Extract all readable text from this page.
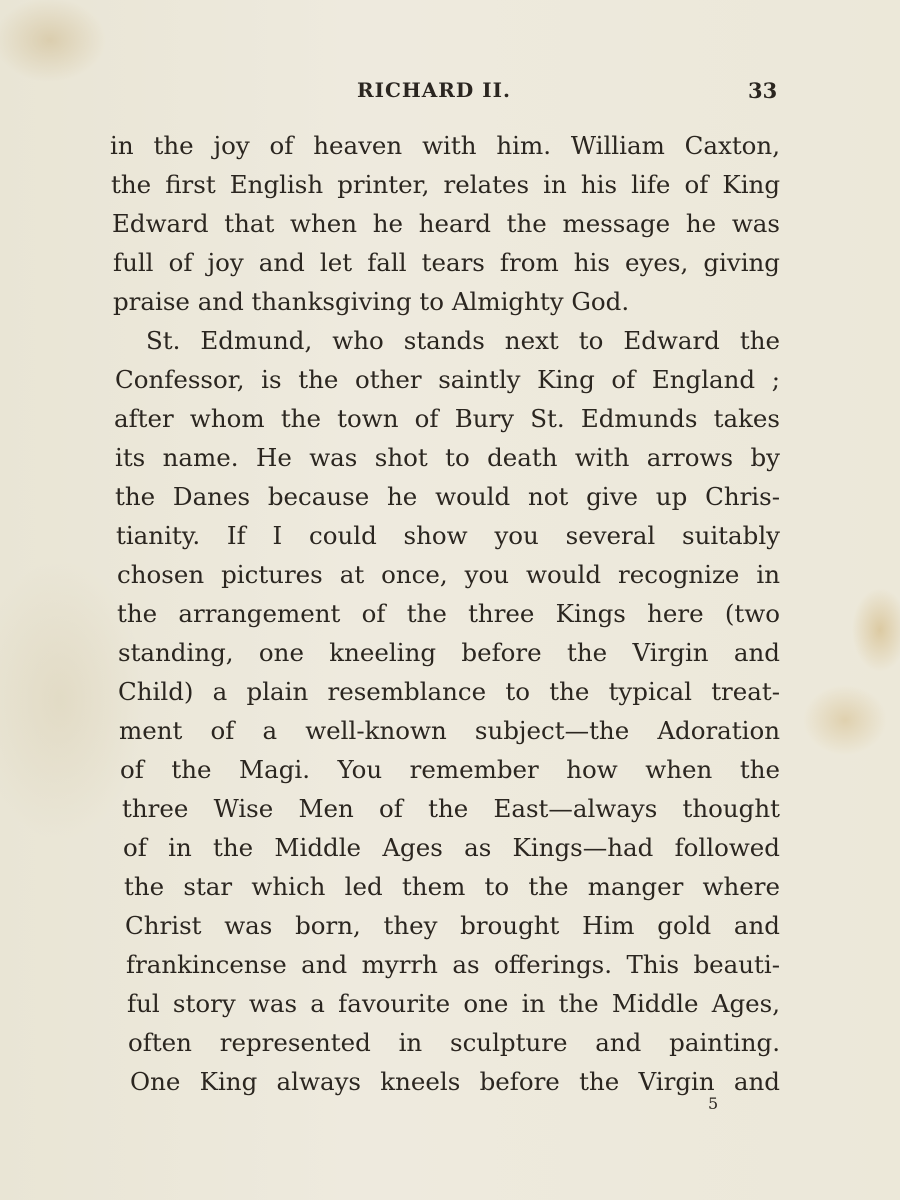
RICHARD II.	33
in the joy of heaven with him. William Caxton,
the first English printer, relates in his life of King
Edward that when he heard the message he was
full of joy and let fall tears from his eyes, giving
praise and thanksgiving to Almighty God.
St. Edmund, who stands next to Edward the
Confessor, is the other saintly King of England ;
after whom the town of Bury St. Edmunds takes
its name. He was shot to death with arrows by
the Danes because he would not give up Chris-
tianity. If I could show you several suitably
chosen pictures at once, you would recognize in
the arrangement of the three Kings here (two
standing, one kneeling before the Virgin and
Child) a plain resemblance to the typical treat-
ment of a well-known subject—the Adoration
of the Magi. You remember how when the
three Wise Men of the East—always thought
of in the Middle Ages as Kings—had followed
the star which led them to the manger where
Christ was born, they brought Him gold and
frankincense and myrrh as offerings. This beauti-
ful story was a favourite one in the Middle Ages,
often represented in sculpture and painting.
One King always kneels before the Virgin and
5
